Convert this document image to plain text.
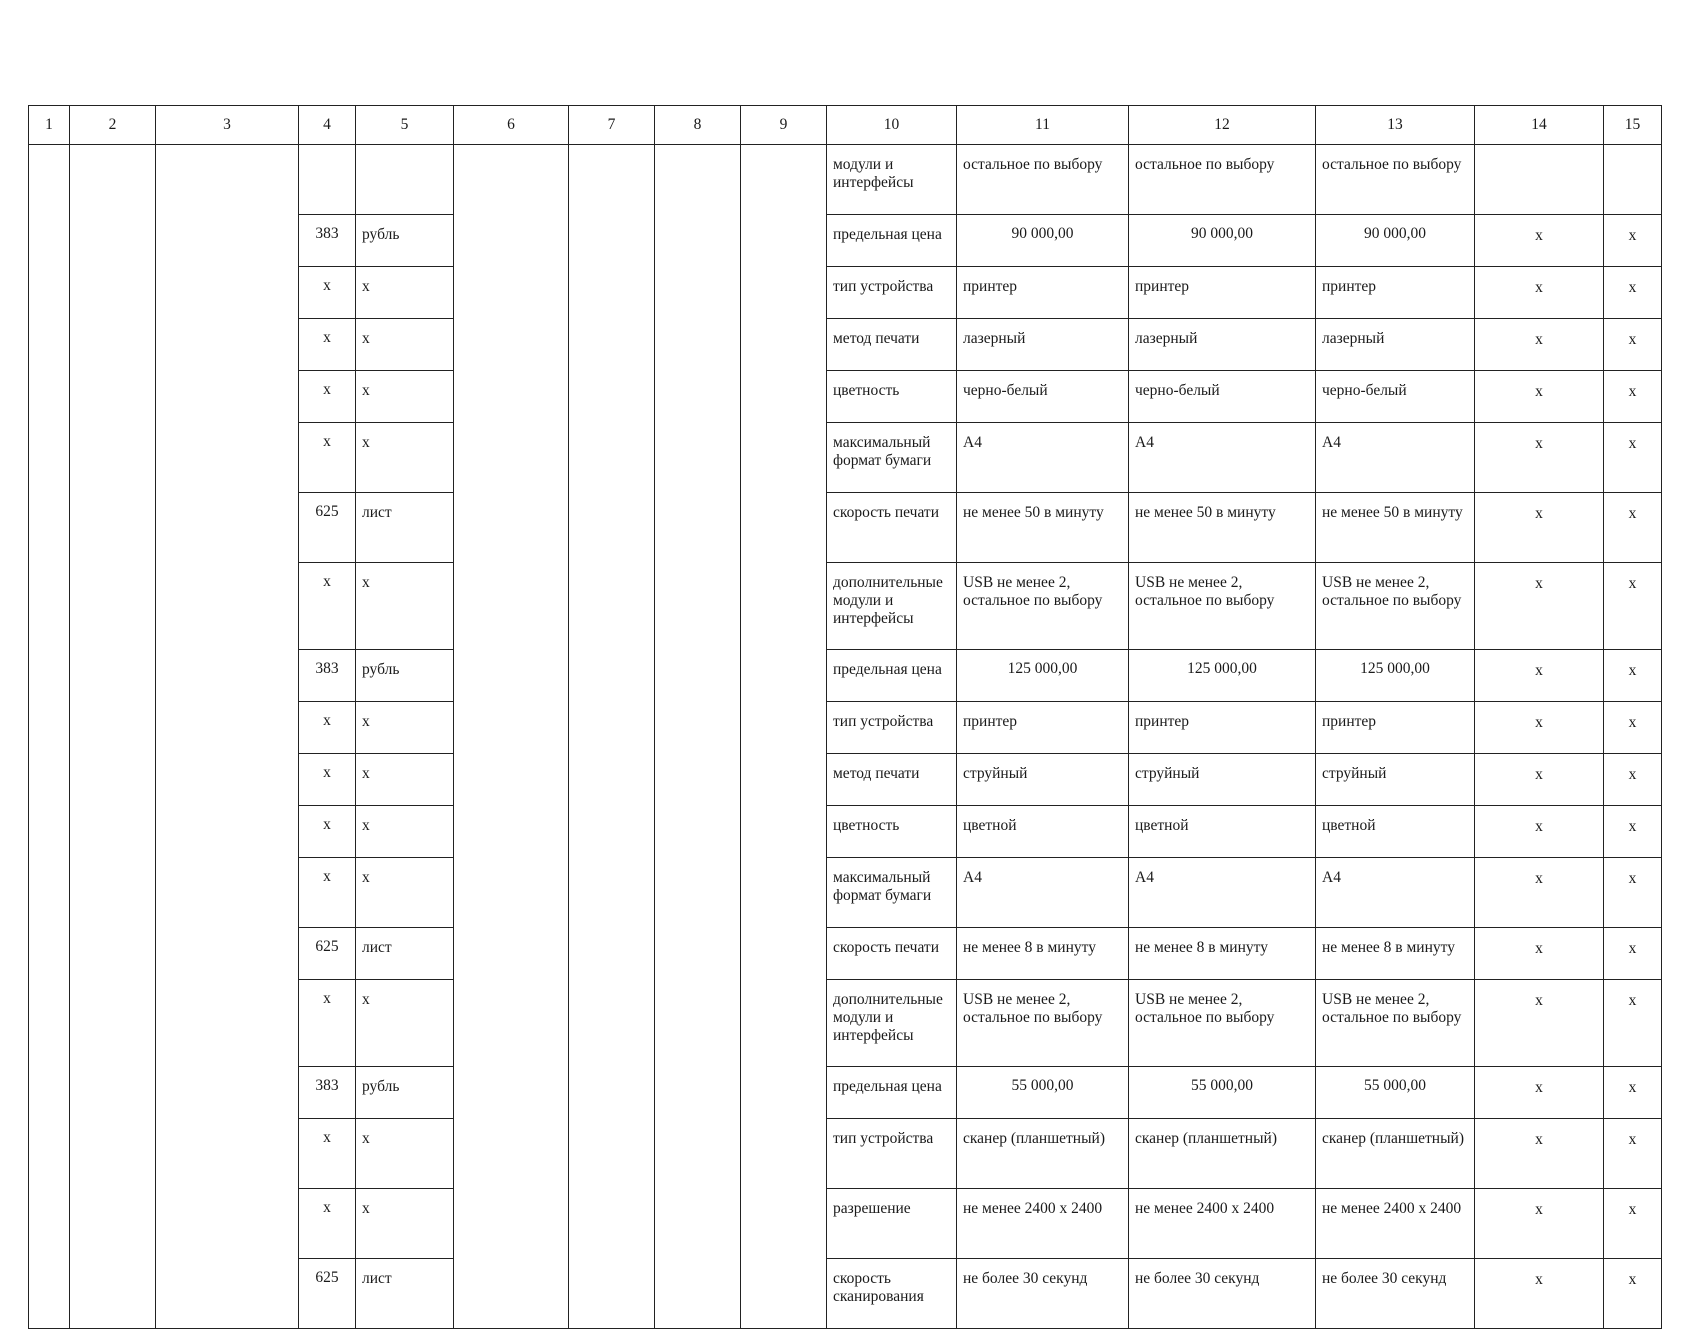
1	2	3	4	5	6	7	8	9	10	11	12	13	14	15
									модули и интерфейсы	остальное по выбору	остальное по выбору	остальное по выбору		
			383	рубль					предельная цена	90 000,00	90 000,00	90 000,00	x	x
			x	x					тип устройства	принтер	принтер	принтер	x	x
			x	x					метод печати	лазерный	лазерный	лазерный	x	x
			x	x					цветность	черно-белый	черно-белый	черно-белый	x	x
			x	x					максимальный формат бумаги	A4	A4	A4	x	x
			625	лист					скорость печати	не менее 50 в минуту	не менее 50 в минуту	не менее 50 в минуту	x	x
			x	x					дополнительные модули и интерфейсы	USB не менее 2, остальное по выбору	USB не менее 2, остальное по выбору	USB не менее 2, остальное по выбору	x	x
			383	рубль					предельная цена	125 000,00	125 000,00	125 000,00	x	x
			x	x					тип устройства	принтер	принтер	принтер	x	x
			x	x					метод печати	струйный	струйный	струйный	x	x
			x	x					цветность	цветной	цветной	цветной	x	x
			x	x					максимальный формат бумаги	A4	A4	A4	x	x
			625	лист					скорость печати	не менее 8 в минуту	не менее 8 в минуту	не менее 8 в минуту	x	x
			x	x					дополнительные модули и интерфейсы	USB не менее 2, остальное по выбору	USB не менее 2, остальное по выбору	USB не менее 2, остальное по выбору	x	x
			383	рубль					предельная цена	55 000,00	55 000,00	55 000,00	x	x
			x	x					тип устройства	сканер (планшетный)	сканер (планшетный)	сканер (планшетный)	x	x
			x	x					разрешение	не менее 2400 x 2400	не менее 2400 x 2400	не менее 2400 x 2400	x	x
			625	лист					скорость сканирования	не более 30 секунд	не более 30 секунд	не более 30 секунд	x	x
